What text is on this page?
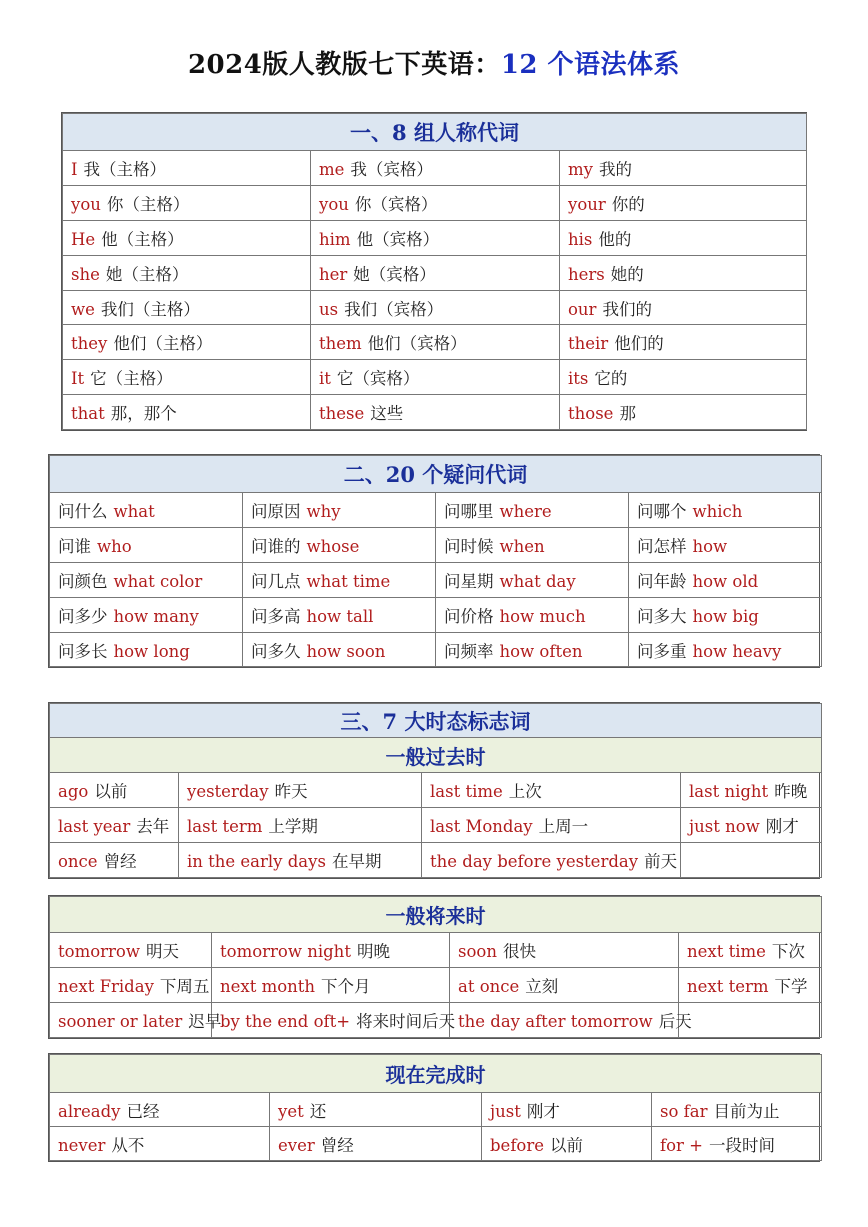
2024版人教版七下英语：12 个语法体系
一、8 组人称代词		
I 我（主格）	me 我（宾格）	my 我的
you 你（主格）	you 你（宾格）	your 你的
He 他（主格）	him 他（宾格）	his 他的
she 她（主格）	her 她（宾格）	hers 她的
we 我们（主格）	us 我们（宾格）	our 我们的
they 他们（主格）	them 他们（宾格）	their 他们的
It 它（主格）	it 它（宾格）	its 它的
that 那，那个	these 这些	those 那
二、20 个疑问代词			
问什么 what	问原因 why	问哪里 where	问哪个 which
问谁 who	问谁的 whose	问时候 when	问怎样 how
问颜色 what color	问几点 what time	问星期 what day	问年龄 how old
问多少 how many	问多高 how tall	问价格 how much	问多大 how big
问多长 how long	问多久 how soon	问频率 how often	问多重 how heavy
三、7 大时态标志词			
一般过去时			
ago 以前	yesterday 昨天	last time 上次	last night 昨晚
last year 去年	last term 上学期	last Monday 上周一	just now 刚才
once 曾经	in the early days 在早期	the day before yesterday 前天	
一般将来时			
tomorrow 明天	tomorrow night 明晚	soon 很快	next time 下次
next Friday 下周五	next month 下个月	at once 立刻	next term 下学
sooner or later 迟早	by the end oft+ 将来时间后天	the day after tomorrow 后天	
现在完成时			
already 已经	yet 还	just 刚才	so far 目前为止
never 从不	ever 曾经	before 以前	for + 一段时间
